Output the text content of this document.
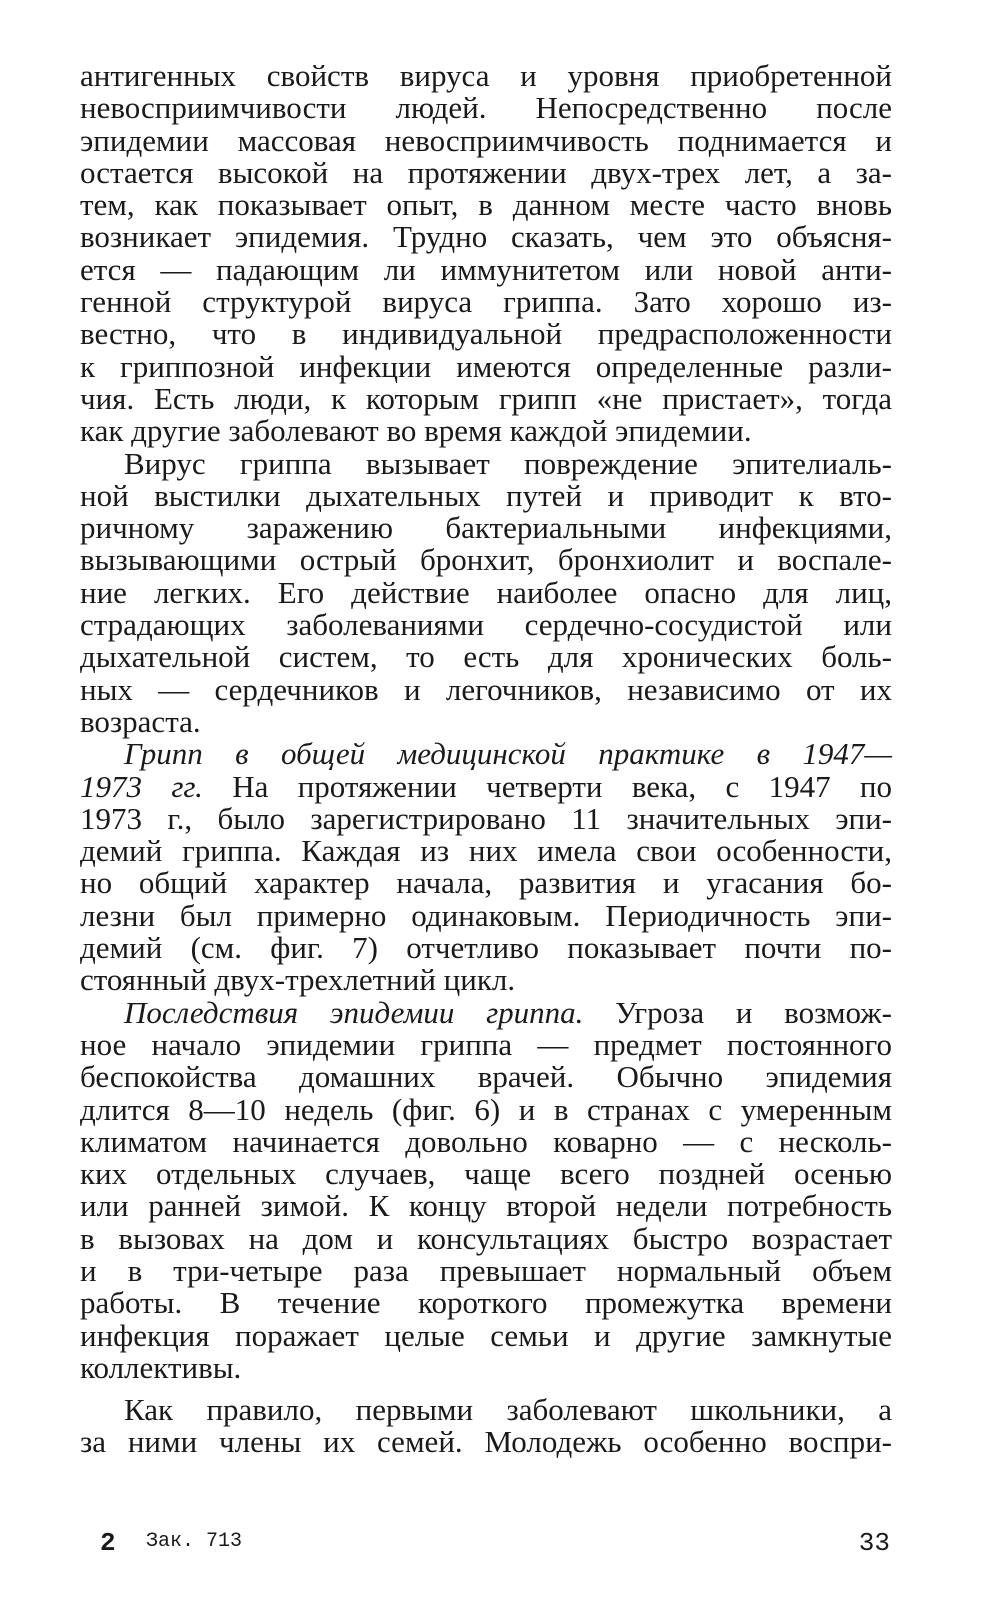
антигенных свойств вируса и уровня приобретенной
невосприимчивости людей. Непосредственно после
эпидемии массовая невосприимчивость поднимается и
остается высокой на протяжении двух-трех лет, а за-
тем, как показывает опыт, в данном месте часто вновь
возникает эпидемия. Трудно сказать, чем это объясня-
ется — падающим ли иммунитетом или новой анти-
генной структурой вируса гриппа. Зато хорошо из-
вестно, что в индивидуальной предрасположенности
к гриппозной инфекции имеются определенные разли-
чия. Есть люди, к которым грипп «не пристает», тогда
как другие заболевают во время каждой эпидемии.
Вирус гриппа вызывает повреждение эпителиаль-
ной выстилки дыхательных путей и приводит к вто-
ричному заражению бактериальными инфекциями,
вызывающими острый бронхит, бронхиолит и воспале-
ние легких. Его действие наиболее опасно для лиц,
страдающих заболеваниями сердечно-сосудистой или
дыхательной систем, то есть для хронических боль-
ных — сердечников и легочников, независимо от их
возраста.
Грипп в общей медицинской практике в 1947—
1973 гг. На протяжении четверти века, с 1947 по
1973 г., было зарегистрировано 11 значительных эпи-
демий гриппа. Каждая из них имела свои особенности,
но общий характер начала, развития и угасания бо-
лезни был примерно одинаковым. Периодичность эпи-
демий (см. фиг. 7) отчетливо показывает почти по-
стоянный двух-трехлетний цикл.
Последствия эпидемии гриппа. Угроза и возмож-
ное начало эпидемии гриппа — предмет постоянного
беспокойства домашних врачей. Обычно эпидемия
длится 8—10 недель (фиг. 6) и в странах с умеренным
климатом начинается довольно коварно — с несколь-
ких отдельных случаев, чаще всего поздней осенью
или ранней зимой. К концу второй недели потребность
в вызовах на дом и консультациях быстро возрастает
и в три-четыре раза превышает нормальный объем
работы. В течение короткого промежутка времени
инфекция поражает целые семьи и другие замкнутые
коллективы.
Как правило, первыми заболевают школьники, а
за ними члены их семей. Молодежь особенно воспри-
2 Зак. 713	33
